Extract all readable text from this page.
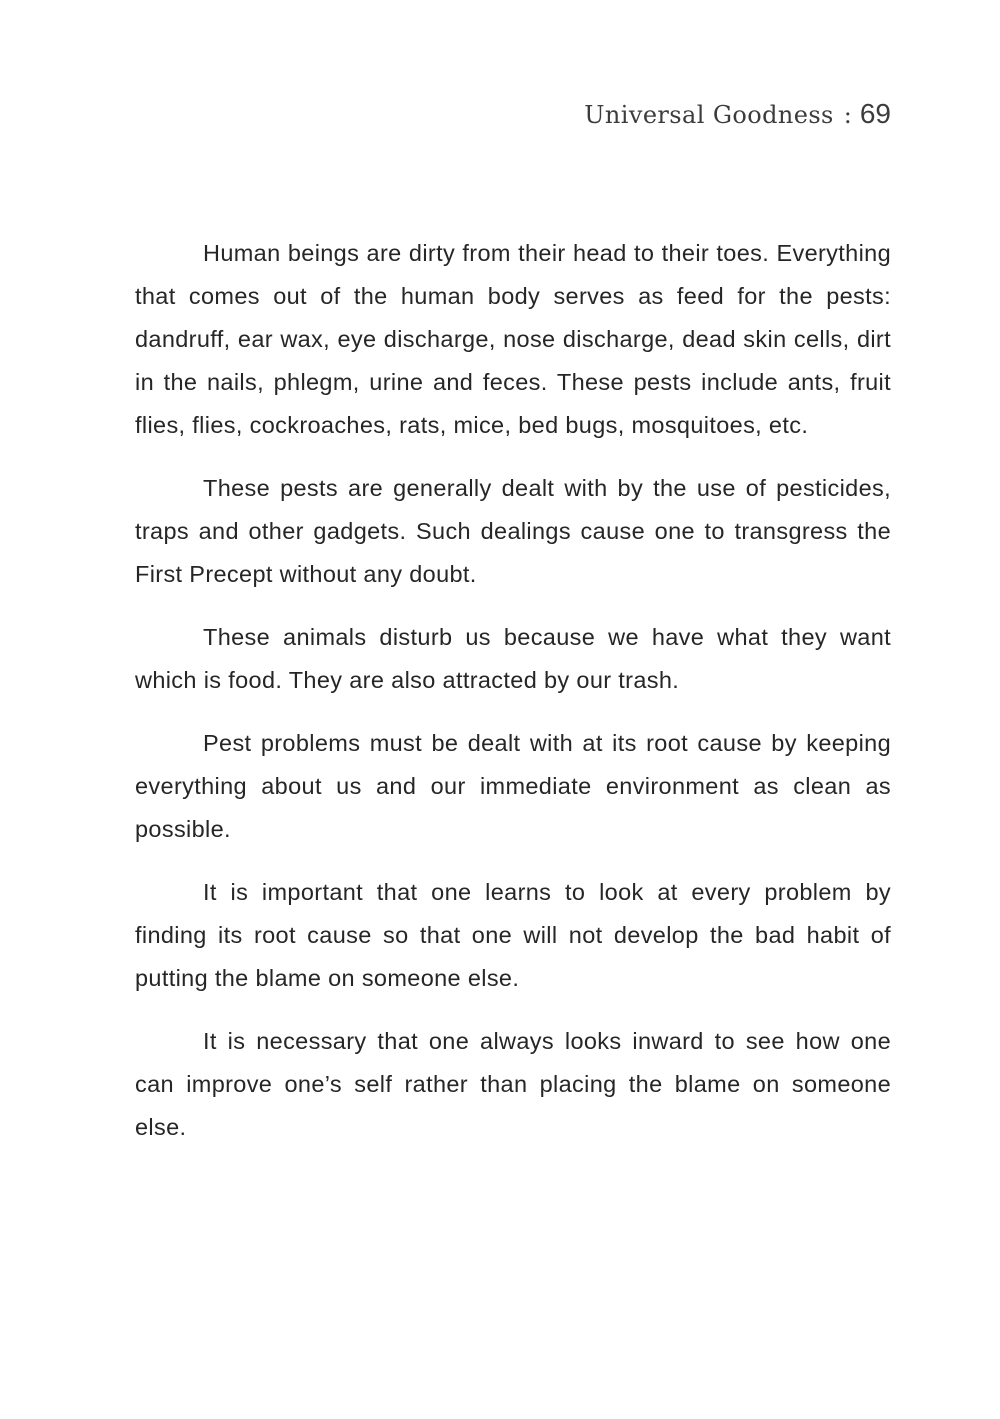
Universal Goodness : 69

Human beings are dirty from their head to their toes. Everything that comes out of the human body serves as feed for the pests: dandruff, ear wax, eye discharge, nose discharge, dead skin cells, dirt in the nails, phlegm, urine and feces. These pests include ants, fruit flies, flies, cockroaches, rats, mice, bed bugs, mosquitoes, etc.

These pests are generally dealt with by the use of pesticides, traps and other gadgets. Such dealings cause one to transgress the First Precept without any doubt.

These animals disturb us because we have what they want which is food. They are also attracted by our trash.

Pest problems must be dealt with at its root cause by keeping everything about us and our immediate environment as clean as possible.

It is important that one learns to look at every problem by finding its root cause so that one will not develop the bad habit of putting the blame on someone else.

It is necessary that one always looks inward to see how one can improve one’s self rather than placing the blame on someone else.
